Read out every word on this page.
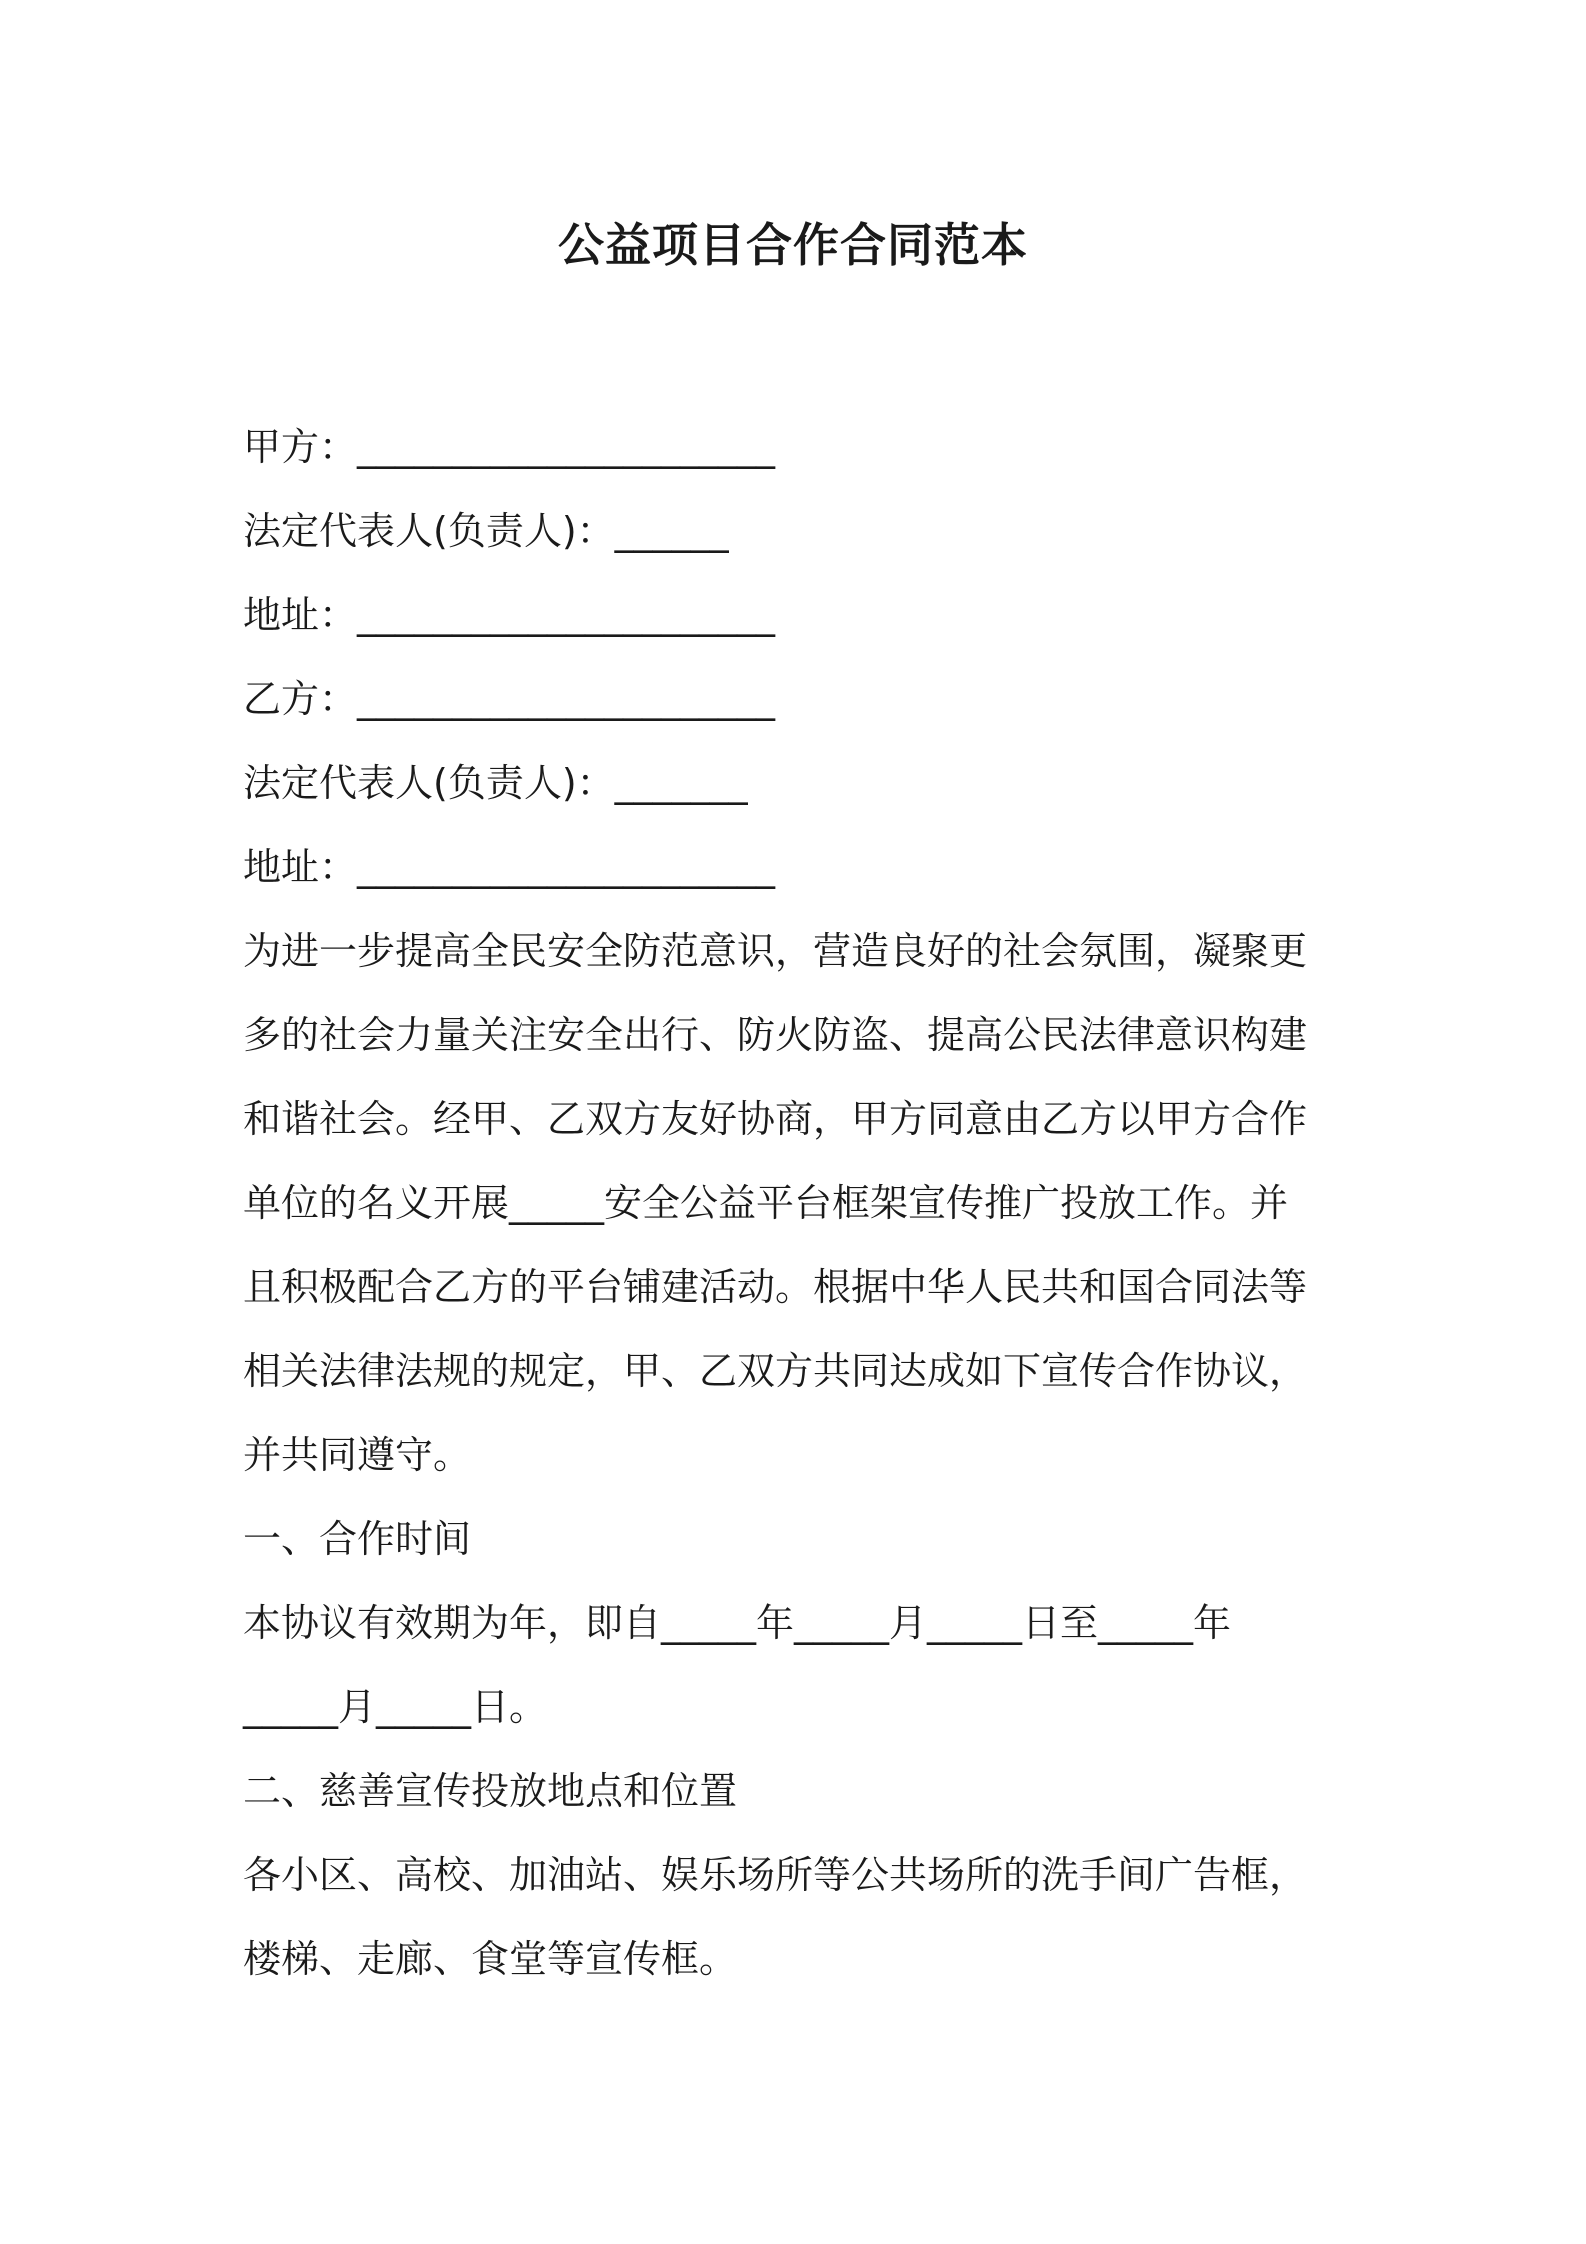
公益项目合作合同范本
甲方：______________________
法定代表人(负责人)：______
地址：______________________
乙方：______________________
法定代表人(负责人)：_______
地址：______________________
为进一步提高全民安全防范意识，营造良好的社会氛围，凝聚更
多的社会力量关注安全出行、防火防盗、提高公民法律意识构建
和谐社会。经甲、乙双方友好协商，甲方同意由乙方以甲方合作
单位的名义开展_____安全公益平台框架宣传推广投放工作。并
且积极配合乙方的平台铺建活动。根据中华人民共和国合同法等
相关法律法规的规定，甲、乙双方共同达成如下宣传合作协议，
并共同遵守。
一、合作时间
本协议有效期为年，即自_____年_____月_____日至_____年
_____月_____日。
二、慈善宣传投放地点和位置
各小区、高校、加油站、娱乐场所等公共场所的洗手间广告框，
楼梯、走廊、食堂等宣传框。
